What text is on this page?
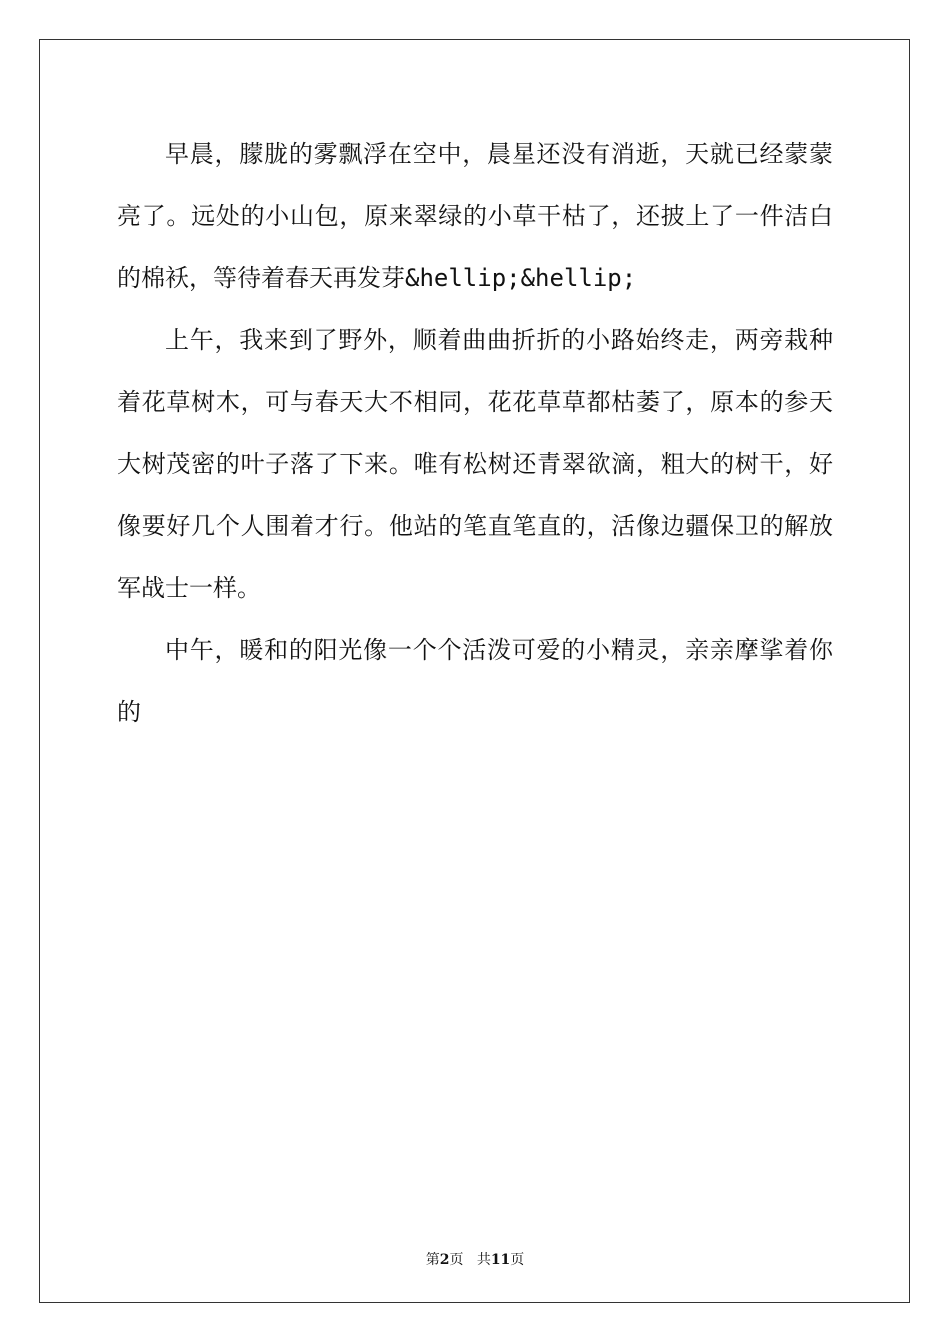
早晨，朦胧的雾飘浮在空中，晨星还没有消逝，天就已经蒙蒙亮了。远处的小山包，原来翠绿的小草干枯了，还披上了一件洁白的棉袄，等待着春天再发芽&hellip;&hellip;

上午，我来到了野外，顺着曲曲折折的小路始终走，两旁栽种着花草树木，可与春天大不相同，花花草草都枯萎了，原本的参天大树茂密的叶子落了下来。唯有松树还青翠欲滴，粗大的树干，好像要好几个人围着才行。他站的笔直笔直的，活像边疆保卫的解放军战士一样。

中午，暖和的阳光像一个个活泼可爱的小精灵，亲亲摩挲着你的

第2页 共11页
